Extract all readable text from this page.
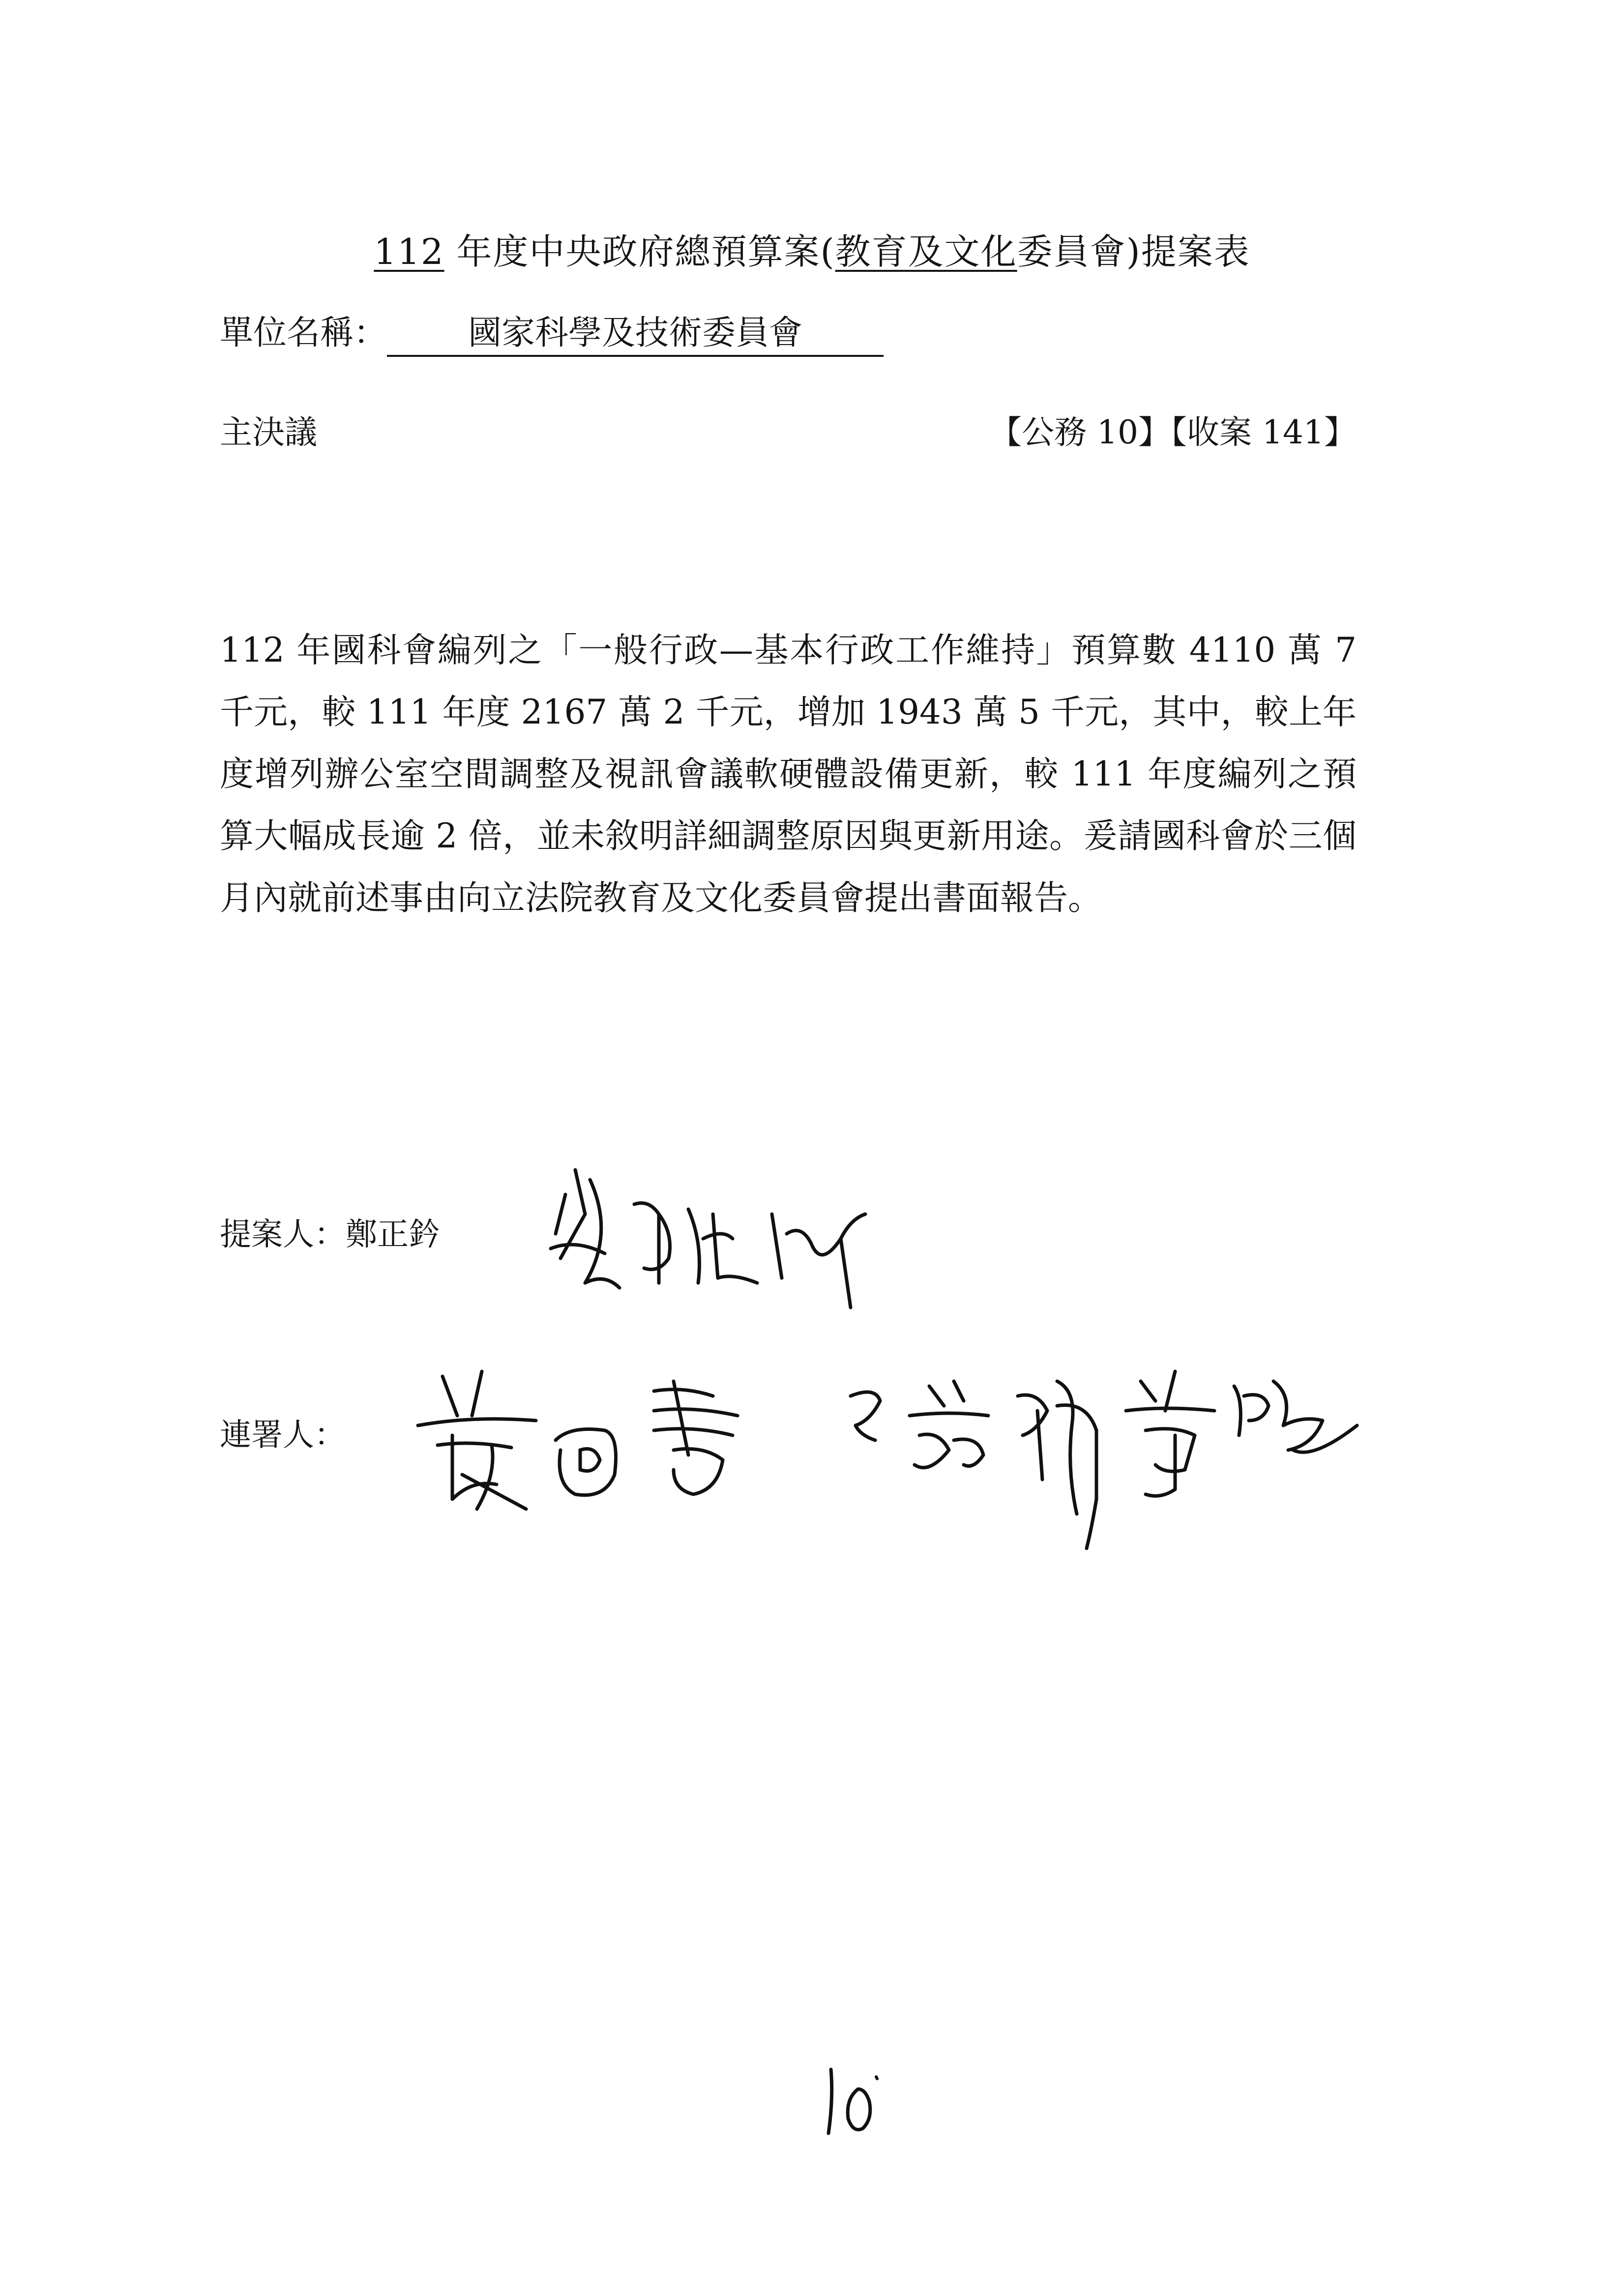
112 年度中央政府總預算案(教育及文化委員會)提案表
單位名稱： 國家科學及技術委員會
主決議	【公務 10】【收案 141】

112 年國科會編列之「一般行政—基本行政工作維持」預算數 4110 萬 7 千元，較 111 年度 2167 萬 2 千元，增加 1943 萬 5 千元，其中，較上年度增列辦公室空間調整及視訊會議軟硬體設備更新，較 111 年度編列之預算大幅成長逾 2 倍，並未敘明詳細調整原因與更新用途。爰請國科會於三個月內就前述事由向立法院教育及文化委員會提出書面報告。

提案人：鄭正鈐
連署人：
